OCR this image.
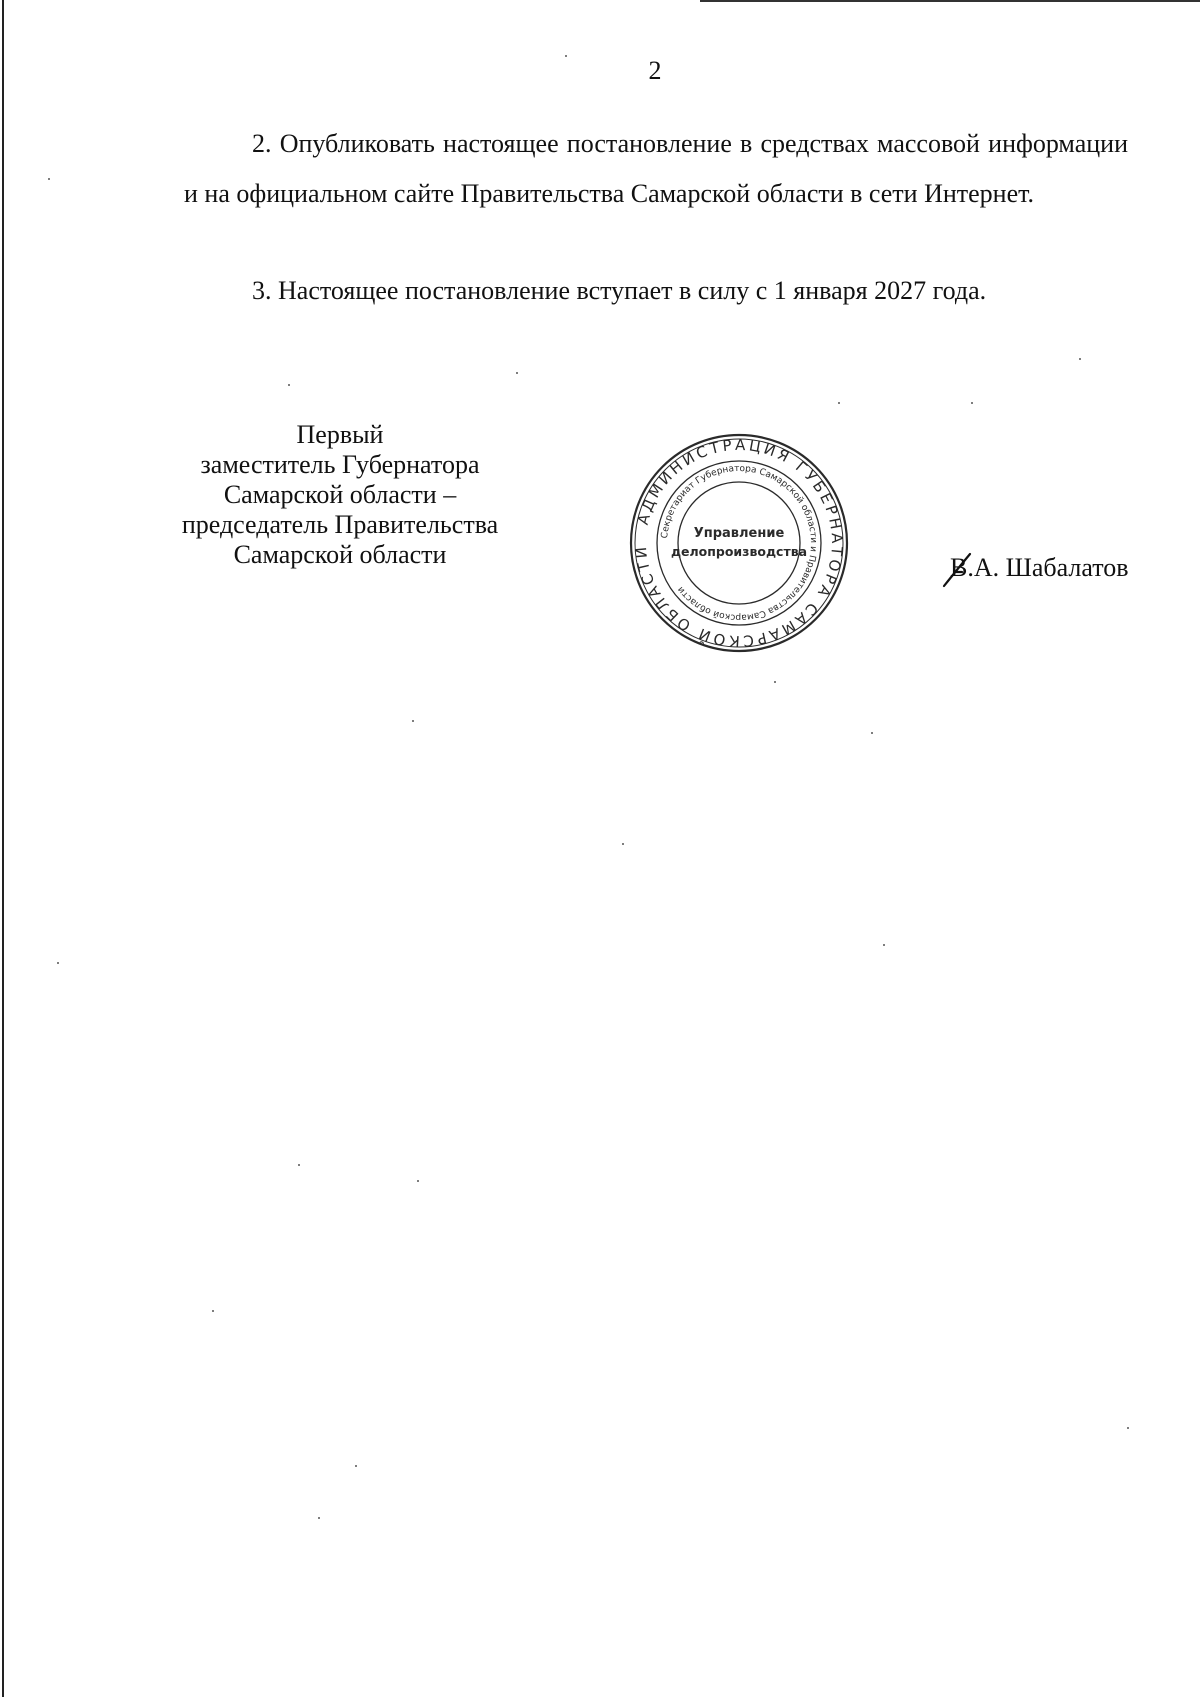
2

2. Опубликовать настоящее постановление в средствах массовой информации и на официальном сайте Правительства Самарской области в сети Интернет.

3. Настоящее постановление вступает в силу с 1 января 2027 года.

Первый
заместитель Губернатора
Самарской области –
председатель Правительства
Самарской области
АДМИНИСТРАЦИЯ ГУБЕРНАТОРА САМАРСКОЙ ОБЛАСТИ
Секретариат Губернатора Самарской области и Правительства Самарской области
Управление
делопроизводства
В.А. Шабалатов
